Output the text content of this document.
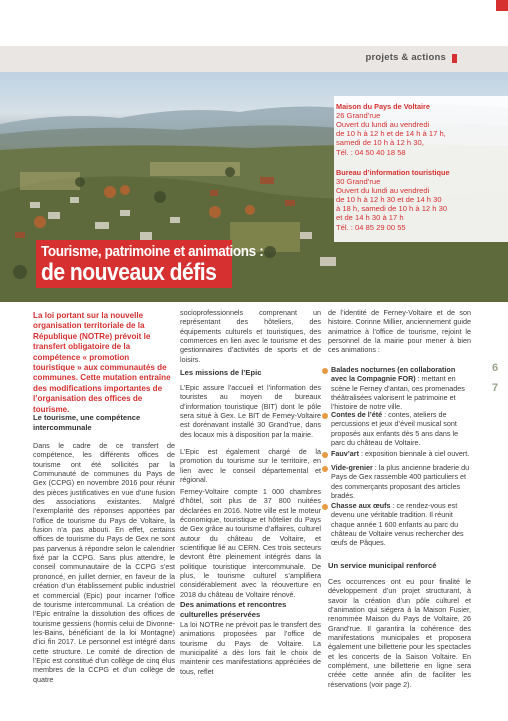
projets & actions
Maison du Pays de Voltaire
26 Grand’rue
Ouvert du lundi au vendredi
de 10 h à 12 h et de 14 h à 17 h,
samedi de 10 h à 12 h 30,
Tél. : 04 50 40 18 58
Bureau d’information touristique
30 Grand’rue
Ouvert du lundi au vendredi
de 10 h à 12 h 30 et de 14 h 30
à 18 h, samedi de 10 h à 12 h 30
et de 14 h 30 à 17 h
Tél. : 04 85 29 00 55
Tourisme, patrimoine et animations :
de nouveaux défis
La loi portant sur la nouvelle organisation territoriale de la République (NOTRe) prévoit le transfert obligatoire de la compétence « promotion touristique » aux communautés de communes. Cette mutation entraîne des modifications importantes de l’organisation des offices de tourisme.
Le tourisme, une compétence intercommunale
Dans le cadre de ce transfert de compétence, les différents offices de tourisme ont été sollicités par la Communauté de communes du Pays de Gex (CCPG) en novembre 2016 pour réunir des pièces justificatives en vue d’une fusion des associations existantes. Malgré l’exemplarité des réponses apportées par l’office de tourisme du Pays de Voltaire, la fusion n’a pas abouti. En effet, certains offices de tourisme du Pays de Gex ne sont pas parvenus à répondre selon le calendrier fixé par la CCPG. Sans plus attendre, le conseil communautaire de la CCPG s’est prononcé, en juillet dernier, en faveur de la création d’un établissement public industriel et commercial (Epic) pour incarner l’office de tourisme intercommunal. La création de l’Epic entraîne la dissolution des offices de tourisme gessiens (hormis celui de Divonne-les-Bains, bénéficiant de la loi Montagne) d’ici fin 2017. Le personnel est intégré dans cette structure. Le comité de direction de l’Epic est constitué d’un collège de cinq élus membres de la CCPG et d’un collège de quatre
socioprofessionnels comprenant un représentant des hôteliers, des équipements culturels et touristiques, des commerces en lien avec le tourisme et des gestionnaires d’activités de sports et de loisirs.
Les missions de l’Epic
L’Epic assure l’accueil et l’information des touristes au moyen de bureaux d’information touristique (BIT) dont le pôle sera situé à Gex. Le BIT de Ferney-Voltaire est dorénavant installé 30 Grand’rue, dans des locaux mis à disposition par la mairie.
L’Epic est également chargé de la promotion du tourisme sur le territoire, en lien avec le conseil départemental et régional.
Ferney-Voltaire compte 1 000 chambres d’hôtel, soit plus de 37 800 nuitées déclarées en 2016. Notre ville est le moteur économique, touristique et hôtelier du Pays de Gex grâce au tourisme d’affaires, culturel autour du château de Voltaire, et scientifique lié au CERN. Ces trois secteurs devront être pleinement intégrés dans la politique touristique intercommunale. De plus, le tourisme culturel s’amplifiera considérablement avec la réouverture en 2018 du château de Voltaire rénové.
Des animations et rencontres culturelles préservées
La loi NOTRe ne prévoit pas le transfert des animations proposées par l’office de tourisme du Pays de Voltaire. La municipalité a dès lors fait le choix de maintenir ces manifestations appréciées de tous, reflet
de l’identité de Ferney-Voltaire et de son histoire. Corinne Millier, anciennement guide animatrice à l’office de tourisme, rejoint le personnel de la mairie pour mener à bien ces animations :
Balades nocturnes (en collaboration avec la Compagnie FOR) : mettant en scène le Ferney d’antan, ces promenades théâtralisées valorisent le patrimoine et l’histoire de notre ville.
Contes de l’été : contes, ateliers de percussions et jeux d’éveil musical sont proposés aux enfants dès 5 ans dans le parc du château de Voltaire.
Fauv’art : exposition biennale à ciel ouvert.
Vide-grenier : la plus ancienne braderie du Pays de Gex rassemble 400 particuliers et des commerçants proposant des articles bradés.
Chasse aux œufs : ce rendez-vous est devenu une véritable tradition. Il réunit chaque année 1 600 enfants au parc du château de Voltaire venus rechercher des œufs de Pâques.
Un service municipal renforcé
Ces occurrences ont eu pour finalité le développement d’un projet structurant, à savoir la création d’un pôle culturel et d’animation qui siégera à la Maison Fusier, renommée Maison du Pays de Voltaire, 26 Grand’rue. Il garantira la cohérence des manifestations municipales et proposera également une billetterie pour les spectacles et les concerts de la Saison Voltaire. En complément, une billetterie en ligne sera créée cette année afin de faciliter les réservations (voir page 2).
6
7
